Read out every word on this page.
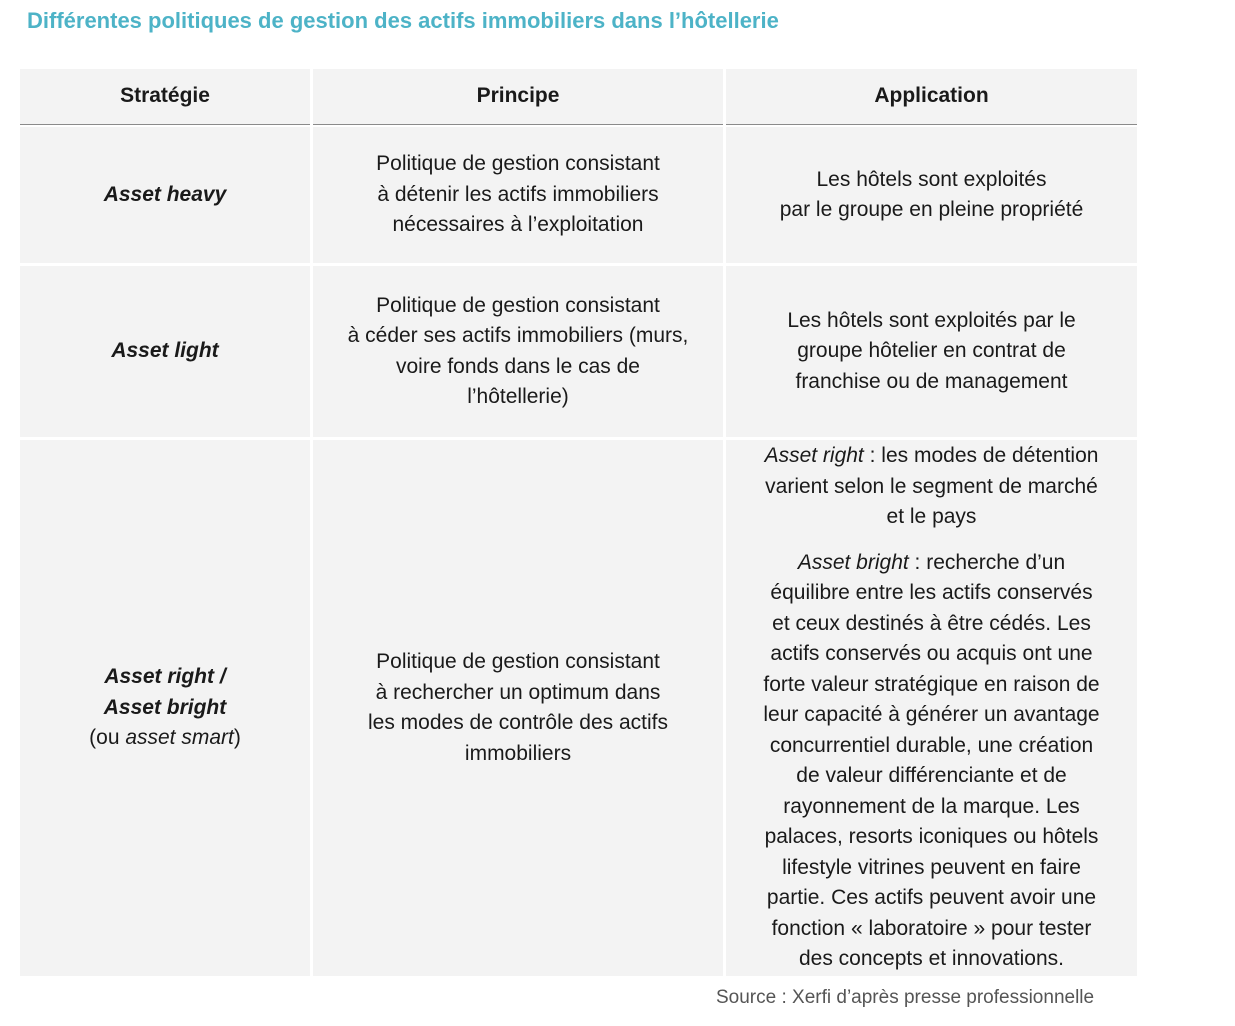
Différentes politiques de gestion des actifs immobiliers dans l’hôtellerie
Stratégie	Principe	Application
Asset heavy
Politique de gestion consistant
à détenir les actifs immobiliers
nécessaires à l’exploitation
Les hôtels sont exploités
par le groupe en pleine propriété
Asset light
Politique de gestion consistant
à céder ses actifs immobiliers (murs,
voire fonds dans le cas de
l’hôtellerie)
Les hôtels sont exploités par le
groupe hôtelier en contrat de
franchise ou de management
Asset right /
Asset bright
(ou asset smart)
Politique de gestion consistant
à rechercher un optimum dans
les modes de contrôle des actifs
immobiliers
Asset right : les modes de détention
varient selon le segment de marché
et le pays
Asset bright : recherche d’un
équilibre entre les actifs conservés
et ceux destinés à être cédés. Les
actifs conservés ou acquis ont une
forte valeur stratégique en raison de
leur capacité à générer un avantage
concurrentiel durable, une création
de valeur différenciante et de
rayonnement de la marque. Les
palaces, resorts iconiques ou hôtels
lifestyle vitrines peuvent en faire
partie. Ces actifs peuvent avoir une
fonction « laboratoire » pour tester
des concepts et innovations.
Source : Xerfi d’après presse professionnelle
